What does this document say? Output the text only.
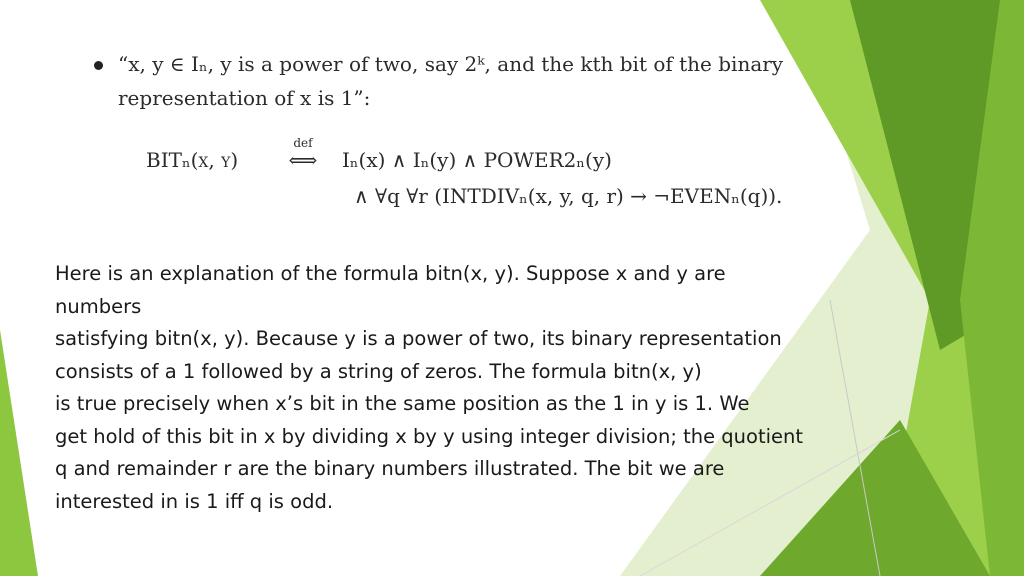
“x, y ∈ Iₙ, y is a power of two, say 2ᵏ, and the kth bit of the binary
representation of x is 1”:
BITₙ(x, y)
def
⟺	Iₙ(x) ∧ Iₙ(y) ∧ POWER2ₙ(y)
∧ ∀q ∀r (INTDIVₙ(x, y, q, r) → ¬EVENₙ(q)).
Here is an explanation of the formula bitn(x, y). Suppose x and y are
numbers
satisfying bitn(x, y). Because y is a power of two, its binary representation
consists of a 1 followed by a string of zeros. The formula bitn(x, y)
is true precisely when x’s bit in the same position as the 1 in y is 1. We
get hold of this bit in x by dividing x by y using integer division; the quotient
q and remainder r are the binary numbers illustrated. The bit we are
interested in is 1 iff q is odd.
